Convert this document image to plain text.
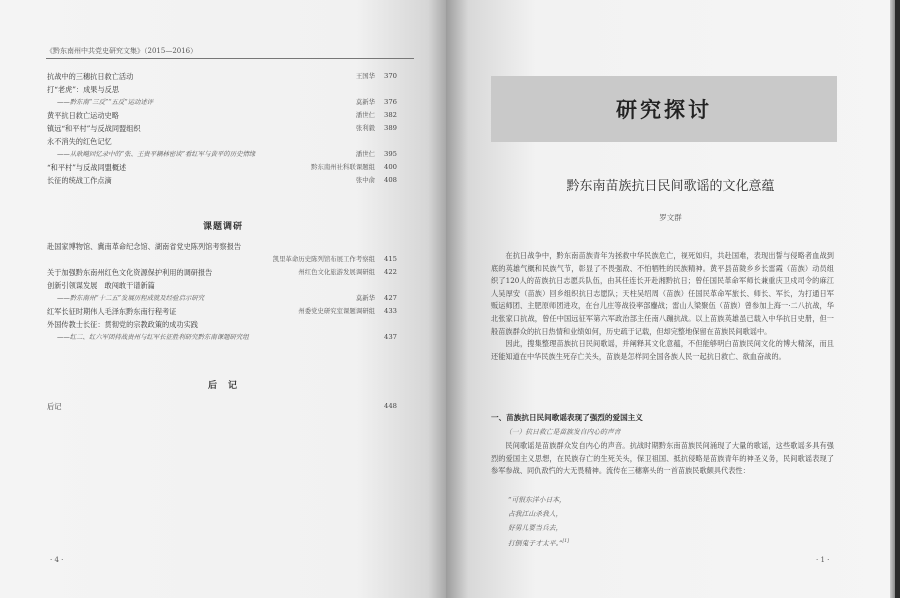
《黔东南州中共党史研究文集》（2015—2016）
抗战中的三穗抗日救亡活动	王国华 370
打“老虎”：成果与反思
——黔东南“三反”“五反”运动述评	莫新华 376
黄平抗日救亡运动史略	潘世仁 382
镇远“和平村”与反战同盟组织	张利毅 389
永不消失的红色记忆
——从耿飚回忆录中的“张、王贵平耦林密谈”看红军与黄平的历史情缘	潘世仁 395
“和平村”与反战同盟概述	黔东南州社科联课题组 400
长征的统战工作点滴	张中俞 408
课题调研
赴国家博物馆、冀南革命纪念馆、湖南省党史陈列馆考察报告
凯里革命历史陈列馆布展工作考察组 415
关于加强黔东南州红色文化资源保护利用的调研报告	州红色文化旅游发展调研组 422
创新引领谋发展　敢闯敢干谱新篇
——黔东南州“十二五”发展历程成就及经验启示研究	莫新华 427
红军长征时期伟人毛泽东黔东南行程考证	州委党史研究室课题调研组 433
外国传教士长征：贯彻党的宗教政策的成功实践
——红二、红六军团持战贵州与红军长征胜利研究黔东南课题研究组	437
后　记
后记	448
· 4 ·
研究探讨
黔东南苗族抗日民间歌谣的文化意蕴
罗文群

在抗日战争中，黔东南苗族青年为拯救中华民族危亡，视死如归，共赴国难，表现出誓与侵略者血战到底的英雄气概和民族气节，彰显了不畏强敌、不怕牺牲的民族精神。黄平县苗陇乡乡长雷霞（苗族）动员组织了120人的苗族抗日志愿兵队伍，由其任连长开赴湘黔抗日；曾任国民革命军师长兼重庆卫戍司令的麻江人吴厚安（苗族）回乡组织抗日志愿队；天柱吴绍周（苗族）任国民革命军旅长、师长、军长，为打通日军贩运师团、主肥原师团进攻，在台儿庄等战役率部鏖战；雷山人梁聚伍（苗族）曾参加上海一·二八抗战，华北张家口抗战，曾任中国远征军第六军政治部主任南八蹦抗战。以上苗族英雄虽已载入中华抗日史册，但一般苗族群众的抗日热情和业绩如何，历史疏于记载，但却完整地保留在苗族民间歌谣中。

因此，搜集整理苗族抗日民间歌谣，并阐释其文化意蕴，不但能够明白苗族民间文化的博大精深，而且还能知道在中华民族生死存亡关头，苗族是怎样同全国各族人民一起抗日救亡、欲血奋战的。

一、苗族抗日民间歌谣表现了强烈的爱国主义
（一）抗日救亡是苗族发自内心的声音

民间歌谣是苗族群众发自内心的声音。抗战时期黔东南苗族民间涌现了大量的歌谣，这些歌谣多具有强烈的爱国主义思想，在民族存亡的生死关头，保卫祖国、抵抗侵略是苗族青年的神圣义务，民间歌谣表现了参军参战、同仇敌忾的大无畏精神。流传在三穗寨头的一首苗族民歌颇具代表性：

“可恨东洋小日本，
占我江山杀我人，
好男儿要当兵去，
打倒鬼子才太平。”[1]
· 1 ·
